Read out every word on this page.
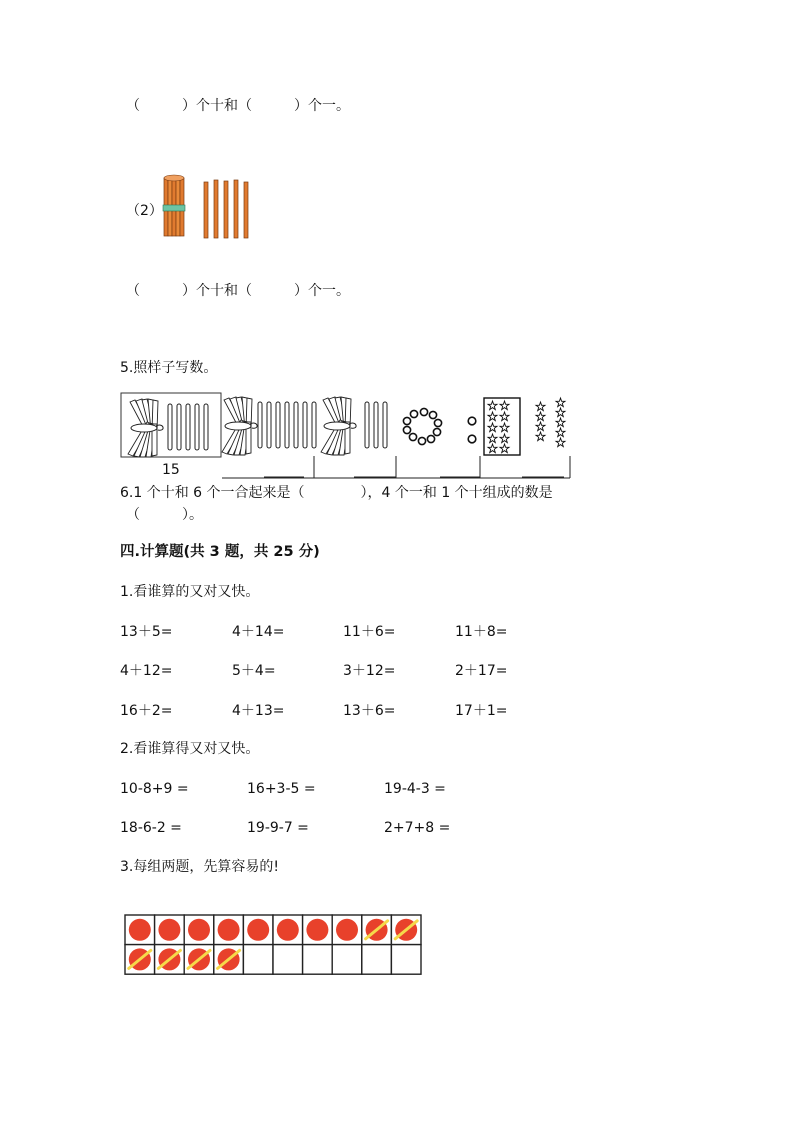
（　　　）个十和（　　　）个一。
（2）
（　　　）个十和（　　　）个一。
5.照样子写数。
15
6.1 个十和 6 个一合起来是（　　　　），4 个一和 1 个十组成的数是
（　　　）。
四.计算题(共 3 题，共 25 分)
1.看谁算的又对又快。
13＋5=	4＋14=	11＋6=	11＋8=
4＋12=	5＋4=	3＋12=	2＋17=
16＋2=	4＋13=	13＋6=	17＋1=
2.看谁算得又对又快。
10-8+9 =	16+3-5 =	19-4-3 =
18-6-2 =	19-9-7 =	2+7+8 =
3.每组两题，先算容易的!
